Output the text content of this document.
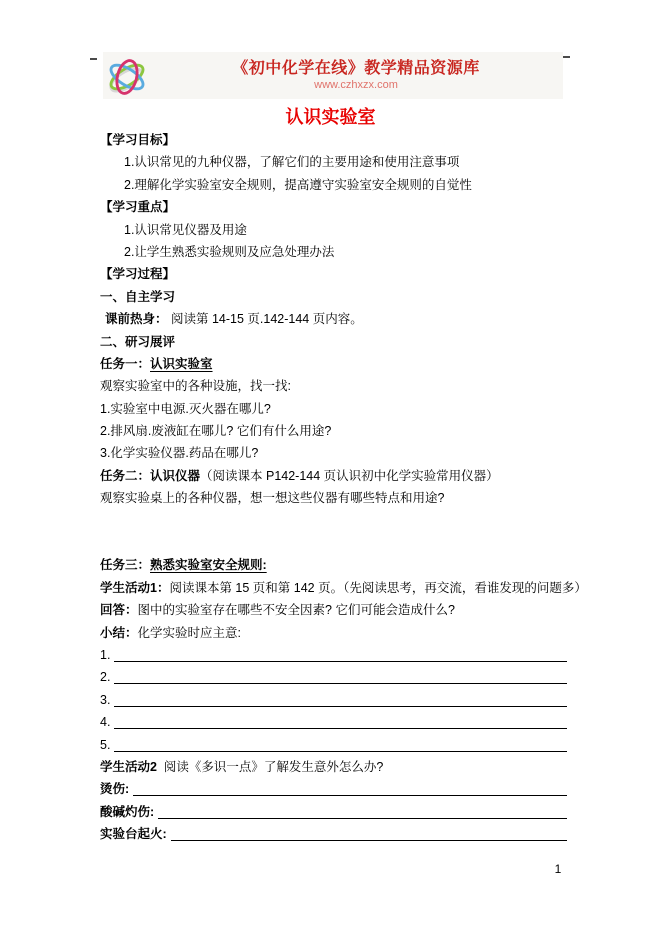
《初中化学在线》教学精品资源库
www.czhxzx.com
认识实验室
【学习目标】
1.认识常见的九种仪器，了解它们的主要用途和使用注意事项
2.理解化学实验室安全规则，提高遵守实验室安全规则的自觉性
【学习重点】
1.认识常见仪器及用途
2.让学生熟悉实验规则及应急处理办法
【学习过程】
一、自主学习
课前热身： 阅读第 14-15 页.142-144 页内容。
二、研习展评
任务一： 认识实验室
观察实验室中的各种设施，找一找:
1.实验室中电源.灭火器在哪儿?
2.排风扇.废液缸在哪儿? 它们有什么用途?
3.化学实验仪器.药品在哪儿?
任务二：认识仪器 （阅读课本 P142-144 页认识初中化学实验常用仪器）
观察实验桌上的各种仪器，想一想这些仪器有哪些特点和用途?
任务三： 熟悉实验室安全规则:
学生活动1： 阅读课本第 15 页和第 142 页。（先阅读思考，再交流，看谁发现的问题多）
回答： 图中的实验室存在哪些不安全因素? 它们可能会造成什么?
小结： 化学实验时应主意:
1.
2.
3.
4.
5.
学生活动2 阅读《多识一点》了解发生意外怎么办?
烫伤:
酸碱灼伤:
实验台起火:
1
